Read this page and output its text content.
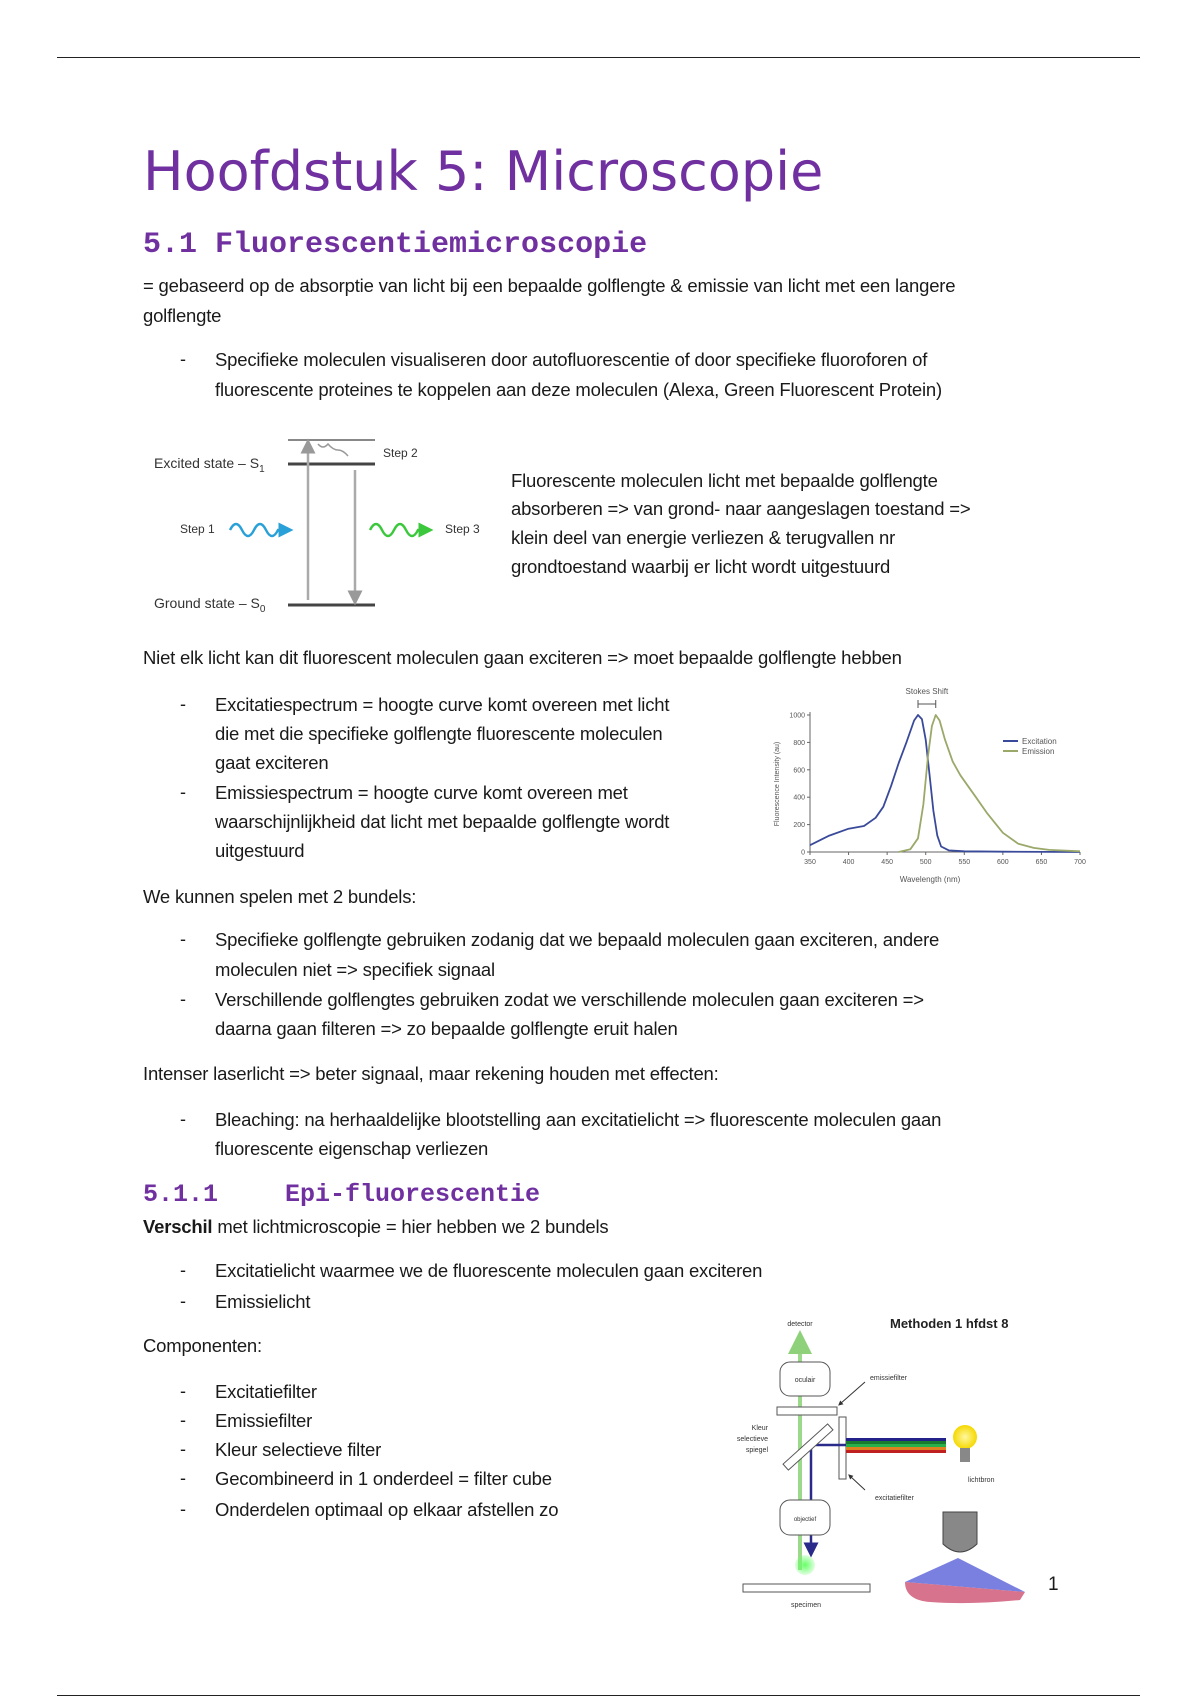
Hoofdstuk 5: Microscopie
5.1 Fluorescentiemicroscopie
= gebaseerd op de absorptie van licht bij een bepaalde golflengte & emissie van licht met een langere
golflengte
- Specifieke moleculen visualiseren door autofluorescentie of door specifieke fluoroforen of
fluorescente proteines te koppelen aan deze moleculen (Alexa, Green Fluorescent Protein)
Excited state – $S_1$
Ground state – $S_0$
Step 1
Step 2
Step 3
Fluorescente moleculen licht met bepaalde golflengte
absorberen => van grond- naar aangeslagen toestand =>
klein deel van energie verliezen & terugvallen nr
grondtoestand waarbij er licht wordt uitgestuurd
Niet elk licht kan dit fluorescent moleculen gaan exciteren => moet bepaalde golflengte hebben
- Excitatiespectrum = hoogte curve komt overeen met licht
die met die specifieke golflengte fluorescente moleculen
gaat exciteren
- Emissiespectrum = hoogte curve komt overeen met
waarschijnlijkheid dat licht met bepaalde golflengte wordt
uitgestuurd
350	400	450	500	550	600	650	700
0
200
400
600
800
1000
Stokes Shift
Wavelength (nm)
Fluorescence Intensity (au)
Excitation
Emission
We kunnen spelen met 2 bundels:
- Specifieke golflengte gebruiken zodanig dat we bepaald moleculen gaan exciteren, andere
moleculen niet => specifiek signaal
- Verschillende golflengtes gebruiken zodat we verschillende moleculen gaan exciteren =>
daarna gaan filteren => zo bepaalde golflengte eruit halen
Intenser laserlicht => beter signaal, maar rekening houden met effecten:
- Bleaching: na herhaaldelijke blootstelling aan excitatielicht => fluorescente moleculen gaan
fluorescente eigenschap verliezen
5.1.1	Epi-fluorescentie
Verschil met lichtmicroscopie = hier hebben we 2 bundels
- Excitatielicht waarmee we de fluorescente moleculen gaan exciteren
- Emissielicht
Componenten:
- Excitatiefilter
- Emissiefilter
- Kleur selectieve filter
- Gecombineerd in 1 onderdeel = filter cube
- Onderdelen optimaal op elkaar afstellen zo
Methoden 1 hfdst 8
detector
oculair	emissiefilter
Kleur
selectieve
spiegel
lichtbron
excitatiefilter
objectief
specimen
1
